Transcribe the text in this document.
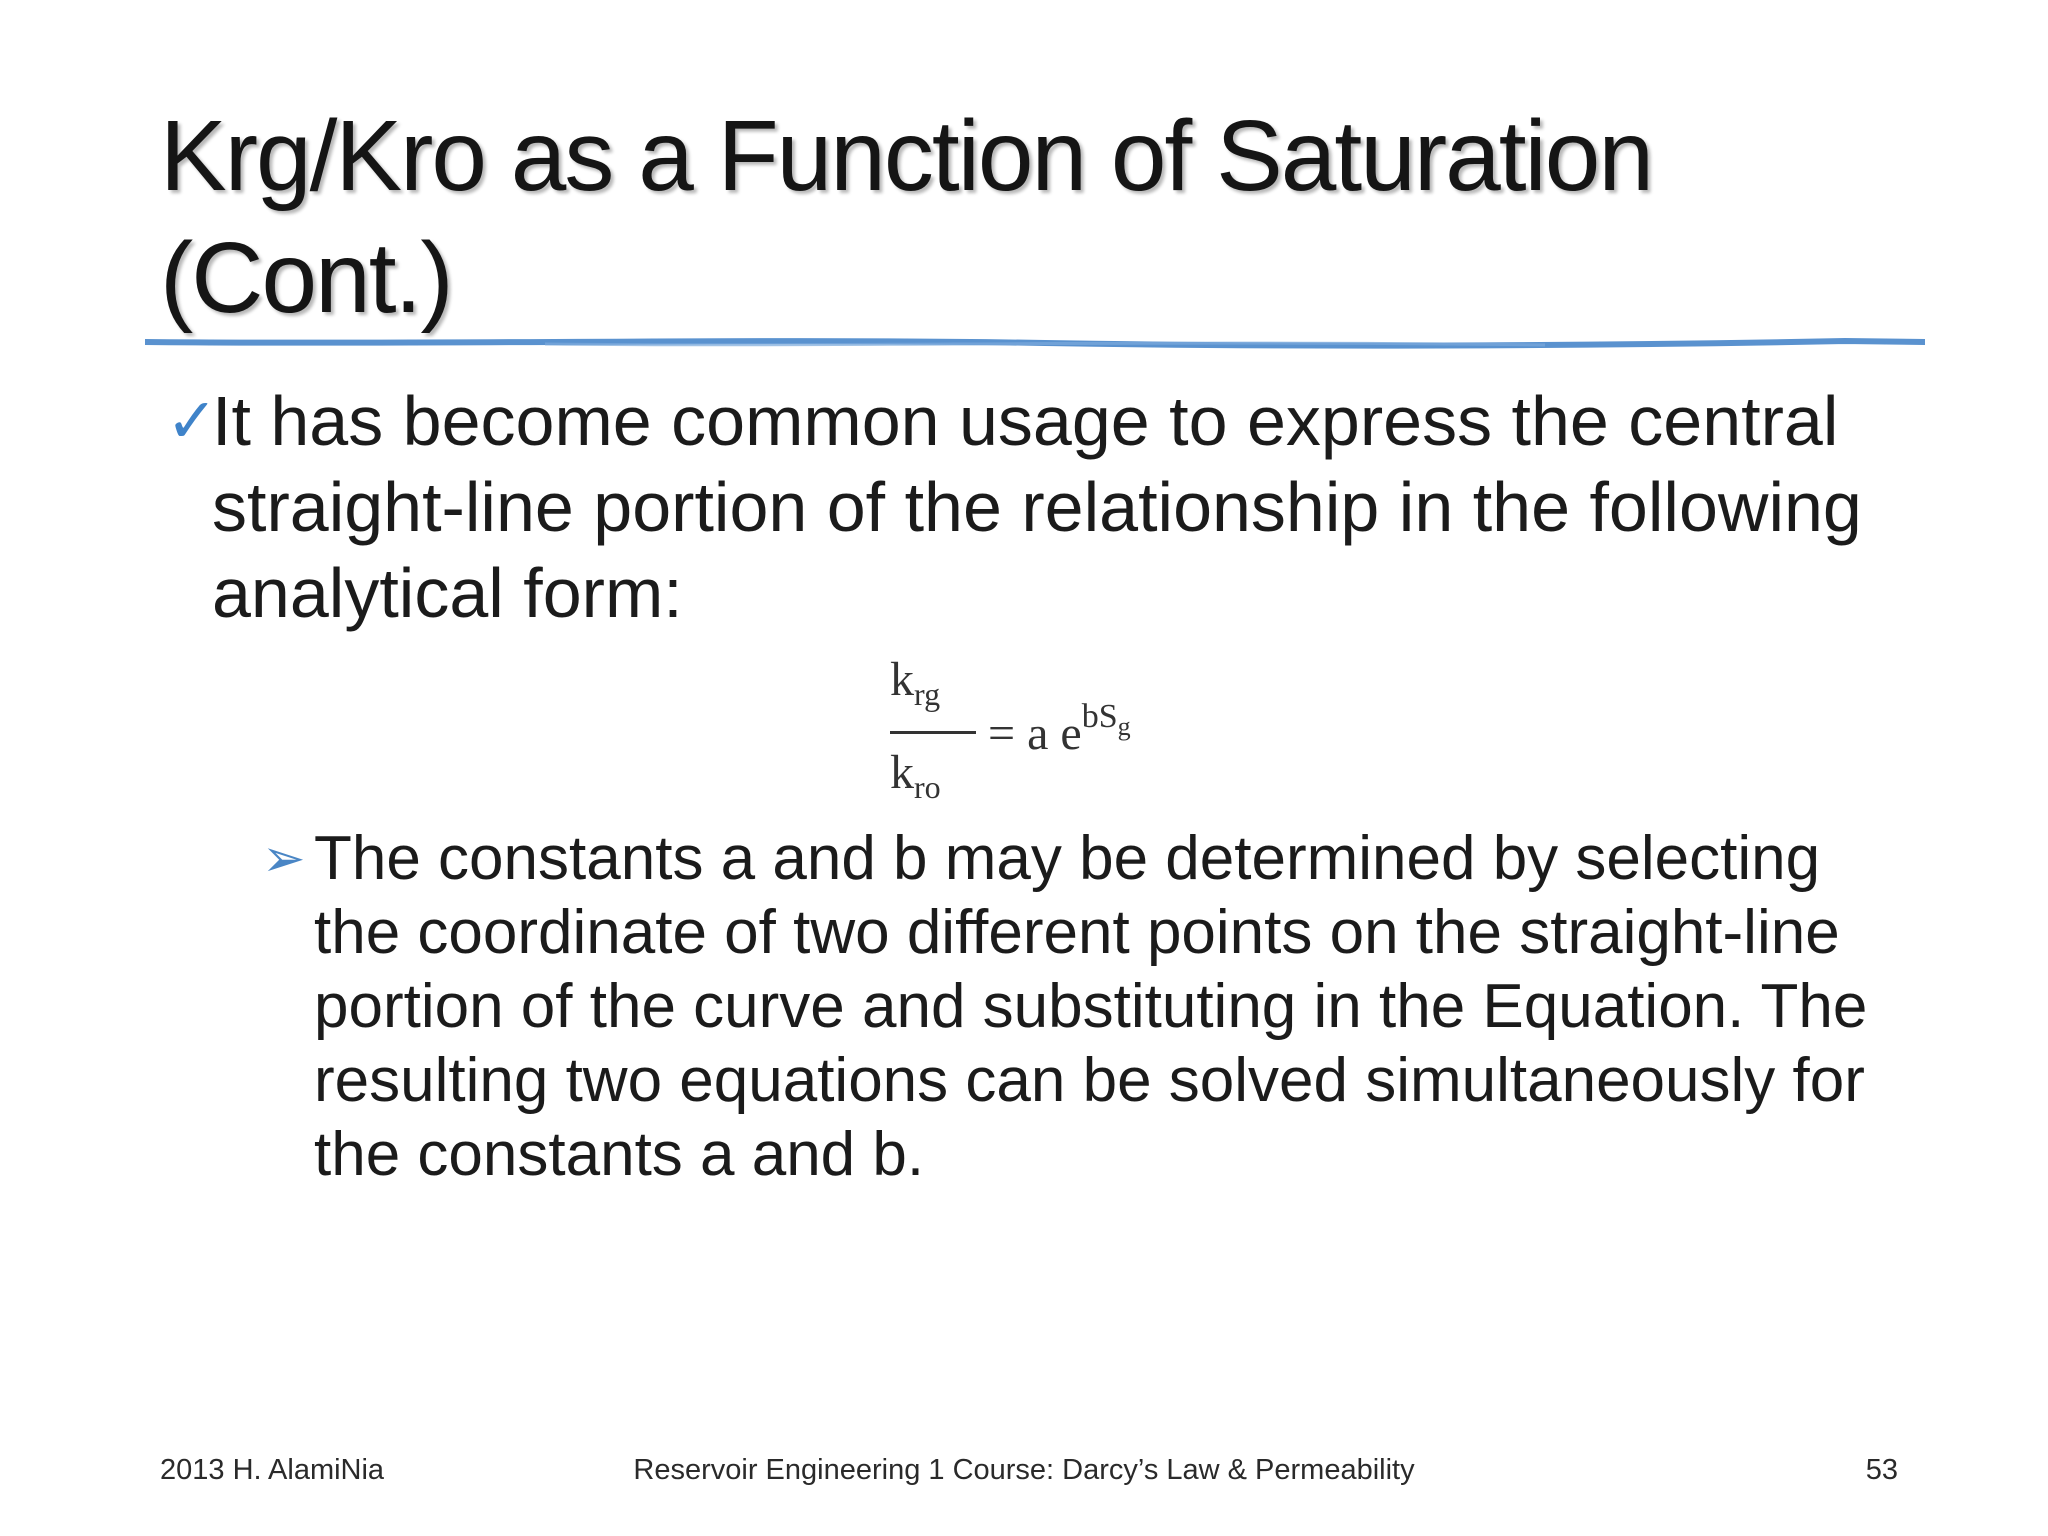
Krg/Kro as a Function of Saturation
(Cont.)
✓
It has become common usage to express the central straight-line portion of the relationship in the following analytical form:
$k_{rg}$
$k_{ro}$
= a $e^{bS_g}$
➢ The constants a and b may be determined by selecting the coordinate of two different points on the straight-line portion of the curve and substituting in the Equation. The resulting two equations can be solved simultaneously for the constants a and b.
2013 H. AlamiNia	Reservoir Engineering 1 Course: Darcy’s Law & Permeability	53
